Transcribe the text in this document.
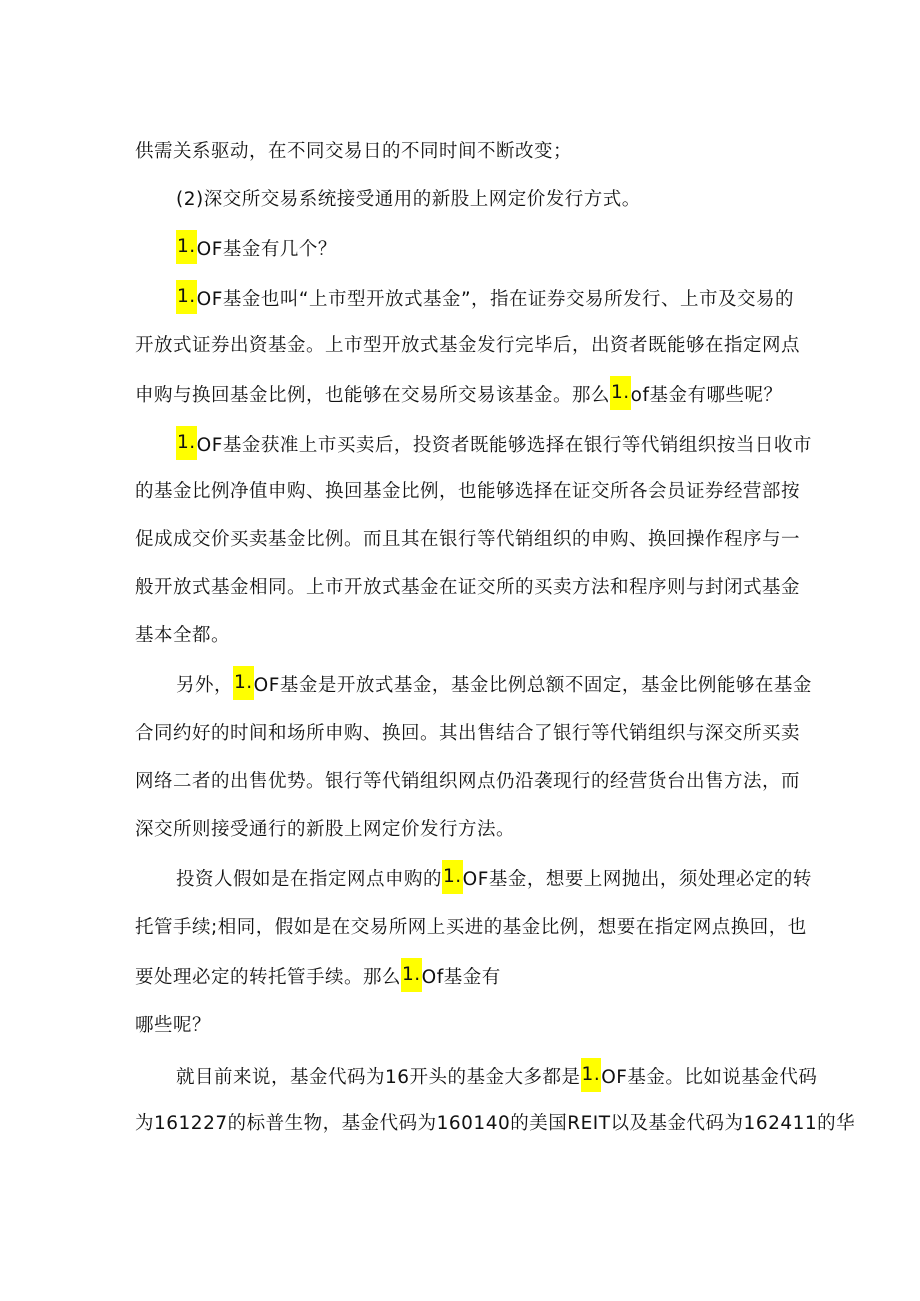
供需关系驱动，在不同交易日的不同时间不断改变；
(2)深交所交易系统接受通用的新股上网定价发行方式。
1.OF基金有几个？
1.OF基金也叫“上市型开放式基金”，指在证券交易所发行、上市及交易的
开放式证券出资基金。上市型开放式基金发行完毕后，出资者既能够在指定网点
申购与换回基金比例，也能够在交易所交易该基金。那么1.of基金有哪些呢？
1.OF基金获准上市买卖后，投资者既能够选择在银行等代销组织按当日收市
的基金比例净值申购、换回基金比例，也能够选择在证交所各会员证券经营部按
促成成交价买卖基金比例。而且其在银行等代销组织的申购、换回操作程序与一
般开放式基金相同。上市开放式基金在证交所的买卖方法和程序则与封闭式基金
基本全都。
另外，1.OF基金是开放式基金，基金比例总额不固定，基金比例能够在基金
合同约好的时间和场所申购、换回。其出售结合了银行等代销组织与深交所买卖
网络二者的出售优势。银行等代销组织网点仍沿袭现行的经营货台出售方法，而
深交所则接受通行的新股上网定价发行方法。
投资人假如是在指定网点申购的1.OF基金，想要上网抛出，须处理必定的转
托管手续;相同，假如是在交易所网上买进的基金比例，想要在指定网点换回，也
要处理必定的转托管手续。那么1.Of基金有
哪些呢？
就目前来说，基金代码为16开头的基金大多都是1.OF基金。比如说基金代码
为161227的标普生物，基金代码为160140的美国REIT以及基金代码为162411的华
